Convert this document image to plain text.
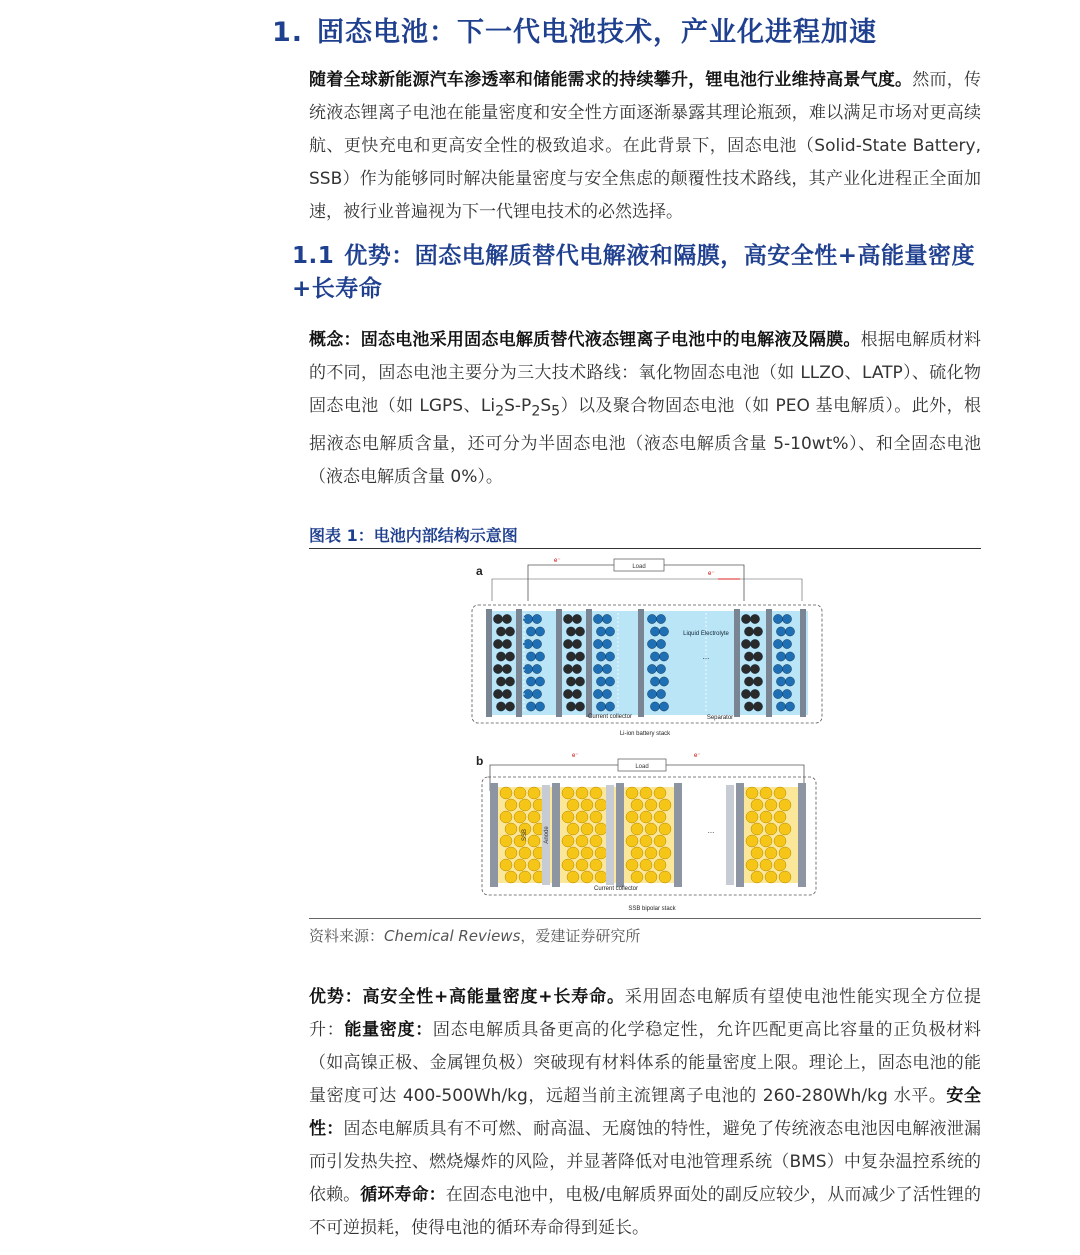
1. 固态电池：下一代电池技术，产业化进程加速
随着全球新能源汽车渗透率和储能需求的持续攀升，锂电池行业维持高景气度。然而，传统液态锂离子电池在能量密度和安全性方面逐渐暴露其理论瓶颈，难以满足市场对更高续航、更快充电和更高安全性的极致追求。在此背景下，固态电池（Solid-State Battery, SSB）作为能够同时解决能量密度与安全焦虑的颠覆性技术路线，其产业化进程正全面加速，被行业普遍视为下一代锂电技术的必然选择。
1.1 优势：固态电解质替代电解液和隔膜，高安全性+高能量密度+长寿命
概念：固态电池采用固态电解质替代液态锂离子电池中的电解液及隔膜。根据电解质材料的不同，固态电池主要分为三大技术路线：氧化物固态电池（如 LLZO、LATP）、硫化物固态电池（如 LGPS、$Li_2S-P_2S_5$）以及聚合物固态电池（如 PEO 基电解质）。此外，根据液态电解质含量，还可分为半固态电池（液态电解质含量 5-10wt%）、和全固态电池（液态电解质含量 0%）。
图表 1：电池内部结构示意图
a	Load
e⁻
e⁻
Liquid Electrolyte
...
Current collector	Separator
Li-ion battery stack
b	Load
e⁻	e⁻
...
Anode
SSB
Current collector
SSB bipolar stack
资料来源：Chemical Reviews，爱建证券研究所
优势：高安全性+高能量密度+长寿命。采用固态电解质有望使电池性能实现全方位提升：能量密度：固态电解质具备更高的化学稳定性，允许匹配更高比容量的正负极材料（如高镍正极、金属锂负极）突破现有材料体系的能量密度上限。理论上，固态电池的能量密度可达 400-500Wh/kg，远超当前主流锂离子电池的 260-280Wh/kg 水平。安全性：固态电解质具有不可燃、耐高温、无腐蚀的特性，避免了传统液态电池因电解液泄漏而引发热失控、燃烧爆炸的风险，并显著降低对电池管理系统（BMS）中复杂温控系统的依赖。循环寿命：在固态电池中，电极/电解质界面处的副反应较少，从而减少了活性锂的不可逆损耗，使得电池的循环寿命得到延长。
